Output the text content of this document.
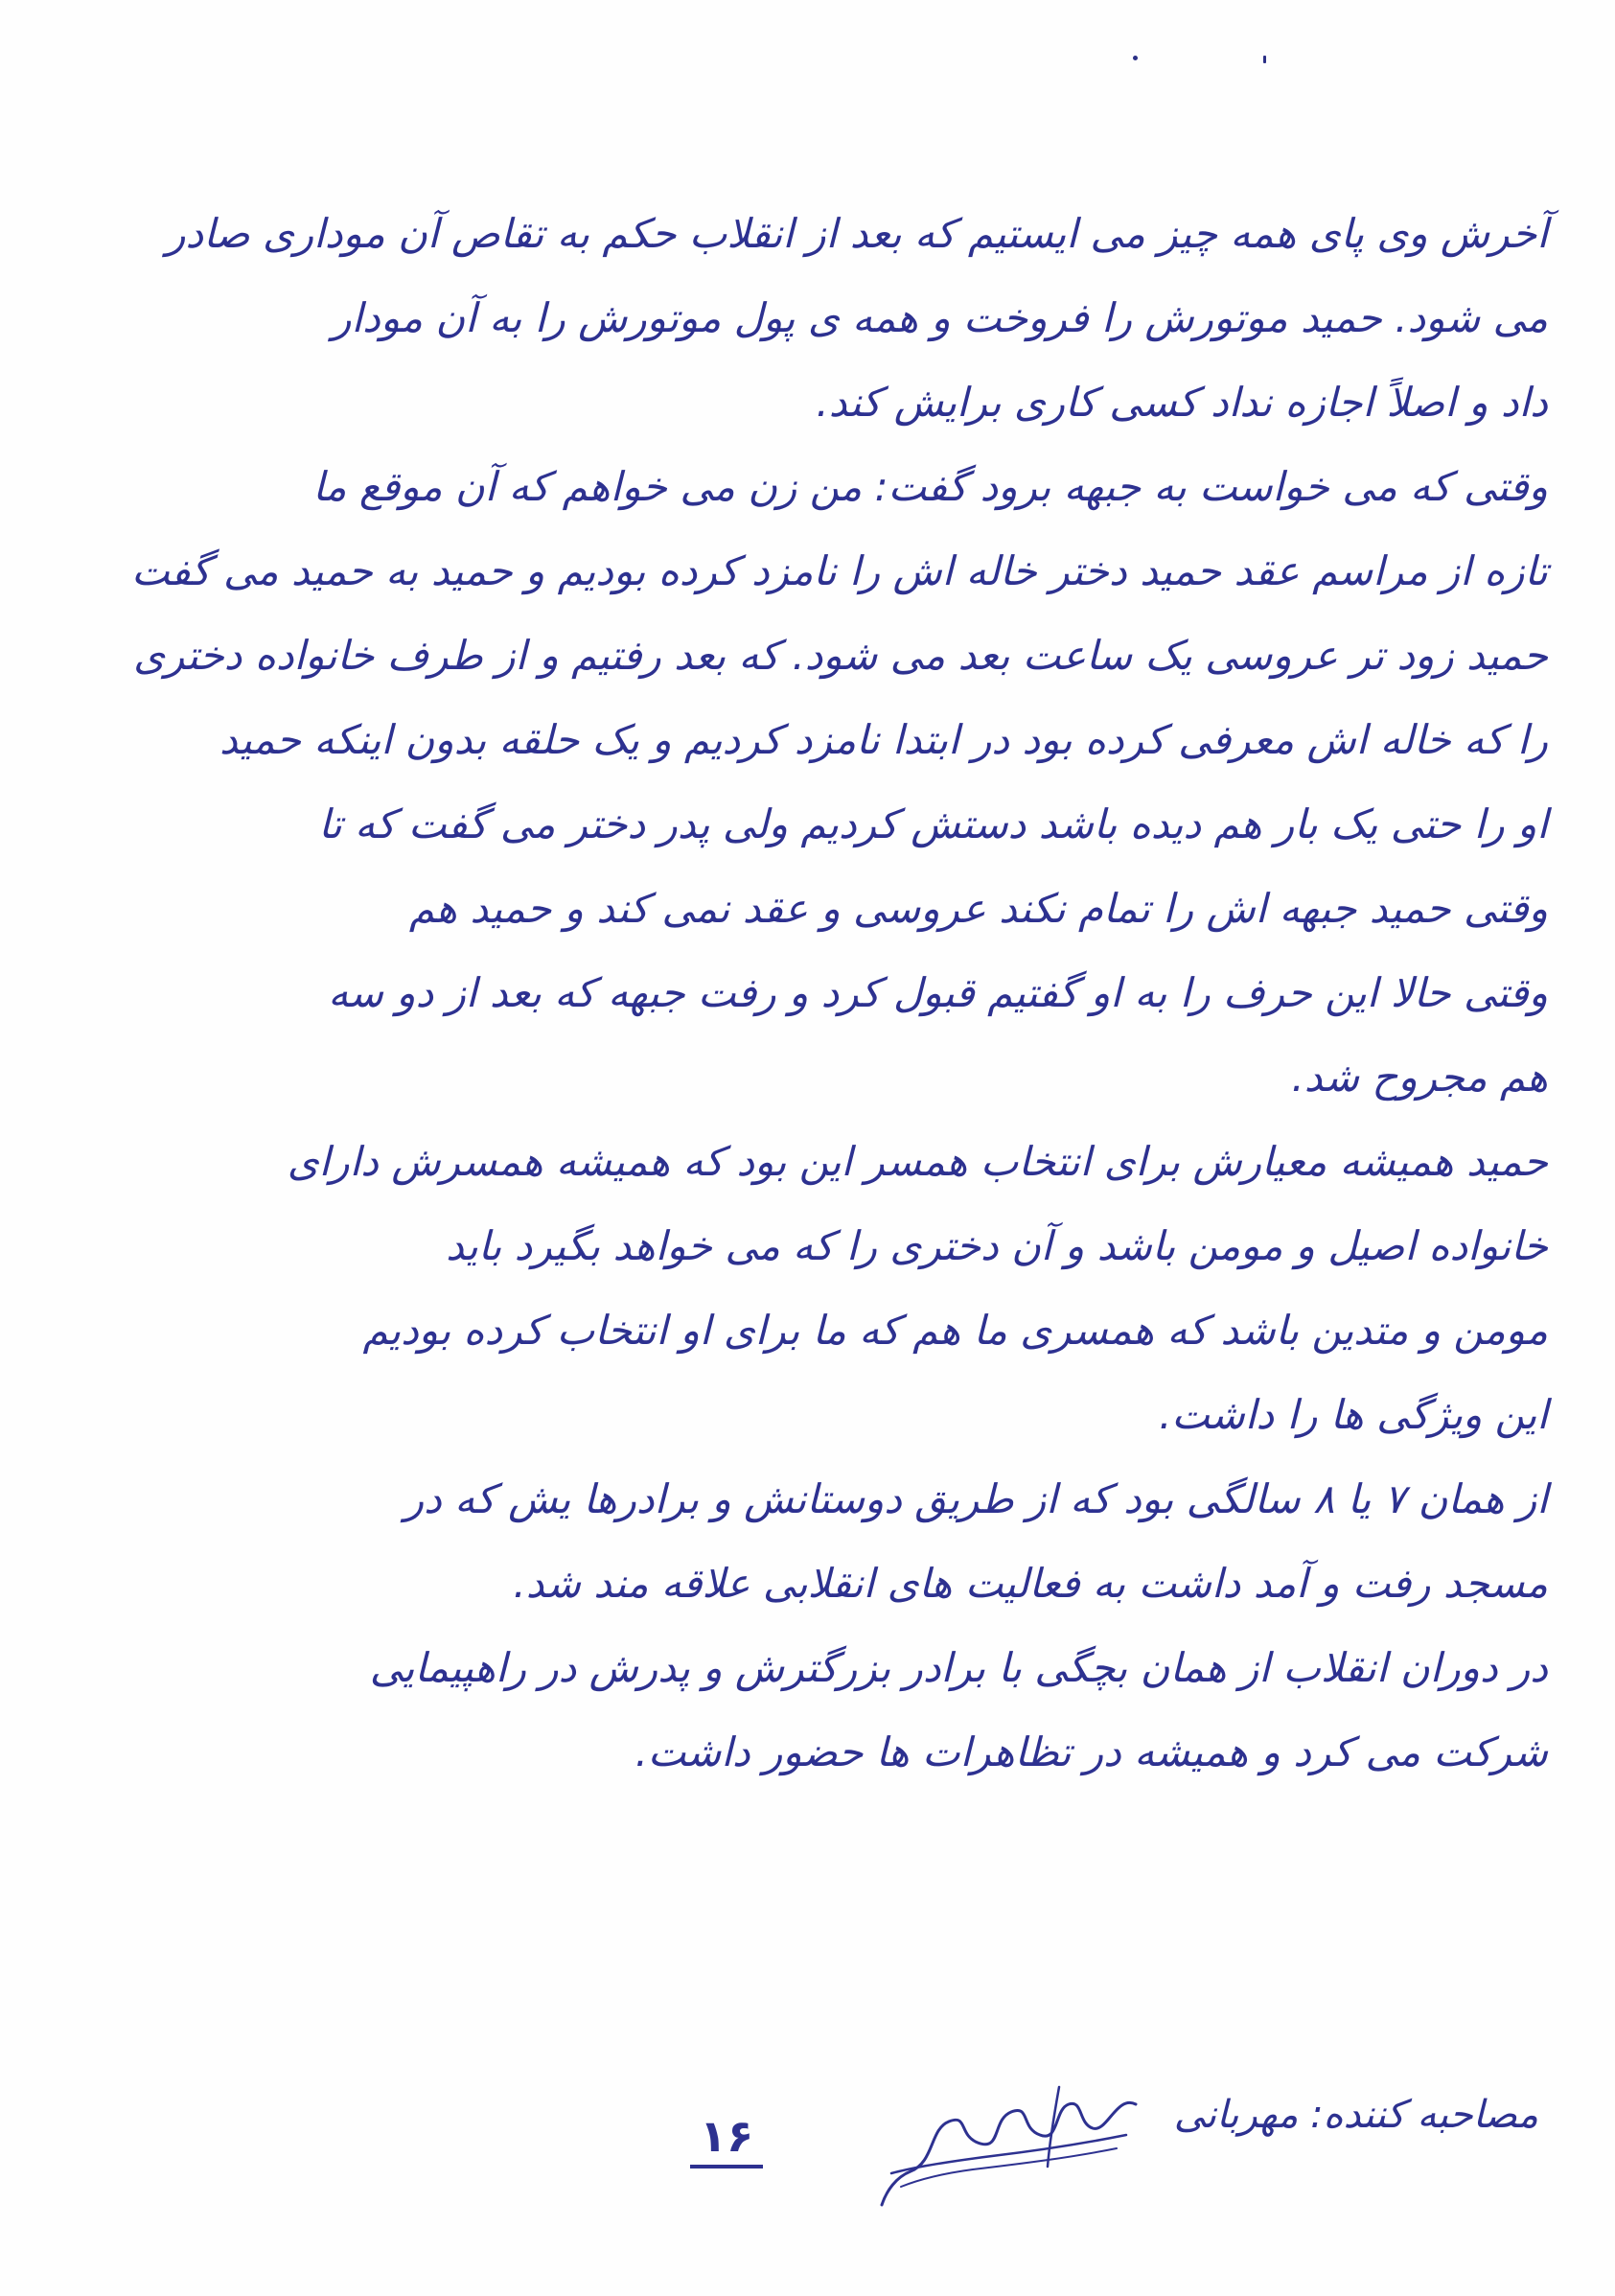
آخرش وی پای همه چیز می ایستیم که بعد از انقلاب حکم به تقاص آن موداری صادر
می شود. حمید موتورش را فروخت و همه ی پول موتورش را به آن مودار
داد و اصلاً اجازه نداد کسی کاری برایش کند.
وقتی که می خواست به جبهه برود گفت: من زن می خواهم که آن موقع ما
تازه از مراسم عقد حمید دختر خاله اش را نامزد کرده بودیم و حمید به حمید می گفت
حمید زود تر عروسی یک ساعت بعد می شود. که بعد رفتیم و از طرف خانواده دختری
را که خاله اش معرفی کرده بود در ابتدا نامزد کردیم و یک حلقه بدون اینکه حمید
او را حتی یک بار هم دیده باشد دستش کردیم ولی پدر دختر می گفت که تا
وقتی حمید جبهه اش را تمام نکند عروسی و عقد نمی کند و حمید هم
وقتی حالا این حرف را به او گفتیم قبول کرد و رفت جبهه که بعد از دو سه
هم مجروح شد.
حمید همیشه معیارش برای انتخاب همسر این بود که همیشه همسرش دارای
خانواده اصیل و مومن باشد و آن دختری را که می خواهد بگیرد باید
مومن و متدین باشد که همسری ما هم که ما برای او انتخاب کرده بودیم
این ویژگی ها را داشت.
از همان ۷ یا ۸ سالگی بود که از طریق دوستانش و برادرها یش که در
مسجد رفت و آمد داشت به فعالیت های انقلابی علاقه مند شد.
در دوران انقلاب از همان بچگی با برادر بزرگترش و پدرش در راهپیمایی
شرکت می کرد و همیشه در تظاهرات ها حضور داشت.
مصاحبه کننده: مهربانی
۱۶
